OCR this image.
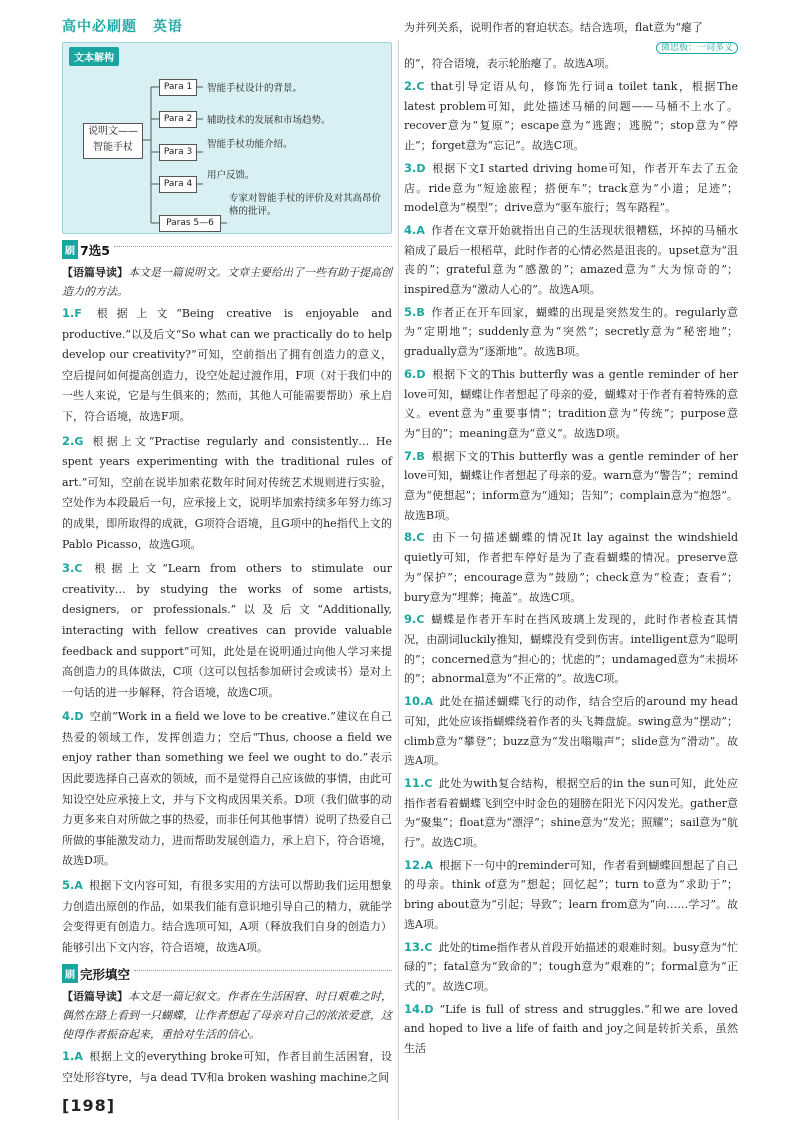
高中必刷题 英语
文本解构
说明文——
智能手杖
Para 1	智能手杖设计的背景。
Para 2	辅助技术的发展和市场趋势。
Para 3
智能手杖功能介绍。
Para 4
用户反馈。
Paras 5—6
专家对智能手杖的评价及对其高昂价格的批评。
刷 7选5

【语篇导读】本文是一篇说明文。文章主要给出了一些有助于提高创造力的方法。

1.F 根据上文“Being creative is enjoyable and productive.”以及后文“So what can we practically do to help develop our creativity?”可知，空前指出了拥有创造力的意义，空后提问如何提高创造力，设空处起过渡作用，F项（对于我们中的一些人来说，它是与生俱来的；然而，其他人可能需要帮助）承上启下，符合语境，故选F项。

2.G 根据上文“Practise regularly and consistently… He spent years experimenting with the traditional rules of art.”可知，空前在说毕加索花数年时间对传统艺术规则进行实验，空处作为本段最后一句，应承接上文，说明毕加索持续多年努力练习的成果，即所取得的成就，G项符合语境，且G项中的he指代上文的Pablo Picasso，故选G项。

3.C 根据上文“Learn from others to stimulate our creativity… by studying the works of some artists, designers, or professionals.”以及后文“Additionally, interacting with fellow creatives can provide valuable feedback and support”可知，此处是在说明通过向他人学习来提高创造力的具体做法，C项（这可以包括参加研讨会或读书）是对上一句话的进一步解释，符合语境，故选C项。

4.D 空前“Work in a field we love to be creative.”建议在自己热爱的领域工作，发挥创造力；空后“Thus, choose a field we enjoy rather than something we feel we ought to do.”表示因此要选择自己喜欢的领域，而不是觉得自己应该做的事情，由此可知设空处应承接上文，并与下文构成因果关系。D项（我们做事的动力更多来自对所做之事的热爱，而非任何其他事情）说明了热爱自己所做的事能激发动力，进而帮助发展创造力，承上启下，符合语境，故选D项。

5.A 根据下文内容可知，有很多实用的方法可以帮助我们运用想象力创造出原创的作品，如果我们能有意识地引导自己的精力，就能学会变得更有创造力。结合选项可知，A项（释放我们自身的创造力）能够引出下文内容，符合语境，故选A项。

刷 完形填空

【语篇导读】本文是一篇记叙文。作者在生活困窘、时日艰难之时，偶然在路上看到一只蝴蝶，让作者想起了母亲对自己的浓浓爱意，这使得作者振奋起来，重拾对生活的信心。

1.A 根据上文的everything broke可知，作者目前生活困窘，设空处形容tyre，与a dead TV和a broken washing machine之间

为并列关系，说明作者的窘迫状态。结合选项，flat意为“瘪了

微思板：一词多义

的”，符合语境，表示轮胎瘪了。故选A项。

2.C that引导定语从句，修饰先行词a toilet tank，根据The latest problem可知，此处描述马桶的问题——马桶不上水了。recover意为“复原”；escape意为“逃跑；逃脱”；stop意为“停止”；forget意为“忘记”。故选C项。

3.D 根据下文I started driving home可知，作者开车去了五金店。ride意为“短途旅程；搭便车”；track意为“小道；足迹”；model意为“模型”；drive意为“驱车旅行；驾车路程”。

4.A 作者在文章开始就指出自己的生活现状很糟糕，坏掉的马桶水箱成了最后一根稻草，此时作者的心情必然是沮丧的。upset意为“沮丧的”；grateful意为“感激的”；amazed意为“大为惊奇的”；inspired意为“激动人心的”。故选A项。

5.B 作者正在开车回家，蝴蝶的出现是突然发生的。regularly意为“定期地”；suddenly意为“突然”；secretly意为“秘密地”；gradually意为“逐渐地”。故选B项。

6.D 根据下文的This butterfly was a gentle reminder of her love可知，蝴蝶让作者想起了母亲的爱，蝴蝶对于作者有着特殊的意义。event意为“重要事情”；tradition意为“传统”；purpose意为“目的”；meaning意为“意义”。故选D项。

7.B 根据下文的This butterfly was a gentle reminder of her love可知，蝴蝶让作者想起了母亲的爱。warn意为“警告”；remind意为“使想起”；inform意为“通知；告知”；complain意为“抱怨”。故选B项。

8.C 由下一句描述蝴蝶的情况It lay against the windshield quietly可知，作者把车停好是为了查看蝴蝶的情况。preserve意为“保护”；encourage意为“鼓励”；check意为“检查；查看”；bury意为“埋葬；掩盖”。故选C项。

9.C 蝴蝶是作者开车时在挡风玻璃上发现的，此时作者检查其情况，由副词luckily推知，蝴蝶没有受到伤害。intelligent意为“聪明的”；concerned意为“担心的；忧虑的”；undamaged意为“未损坏的”；abnormal意为“不正常的”。故选C项。

10.A 此处在描述蝴蝶飞行的动作，结合空后的around my head可知，此处应该指蝴蝶绕着作者的头飞舞盘旋。swing意为“摆动”；climb意为“攀登”；buzz意为“发出嗡嗡声”；slide意为“滑动”。故选A项。

11.C 此处为with复合结构，根据空后的in the sun可知，此处应指作者看着蝴蝶飞到空中时金色的翅膀在阳光下闪闪发光。gather意为“聚集”；float意为“漂浮”；shine意为“发光；照耀”；sail意为“航行”。故选C项。

12.A 根据下一句中的reminder可知，作者看到蝴蝶回想起了自己的母亲。think of意为“想起；回忆起”；turn to意为“求助于”；bring about意为“引起；导致”；learn from意为“向……学习”。故选A项。

13.C 此处的time指作者从首段开始描述的艰难时刻。busy意为“忙碌的”；fatal意为“致命的”；tough意为“艰难的”；formal意为“正式的”。故选C项。

14.D “Life is full of stress and struggles.”和we are loved and hoped to live a life of faith and joy之间是转折关系，虽然生活

[198]
